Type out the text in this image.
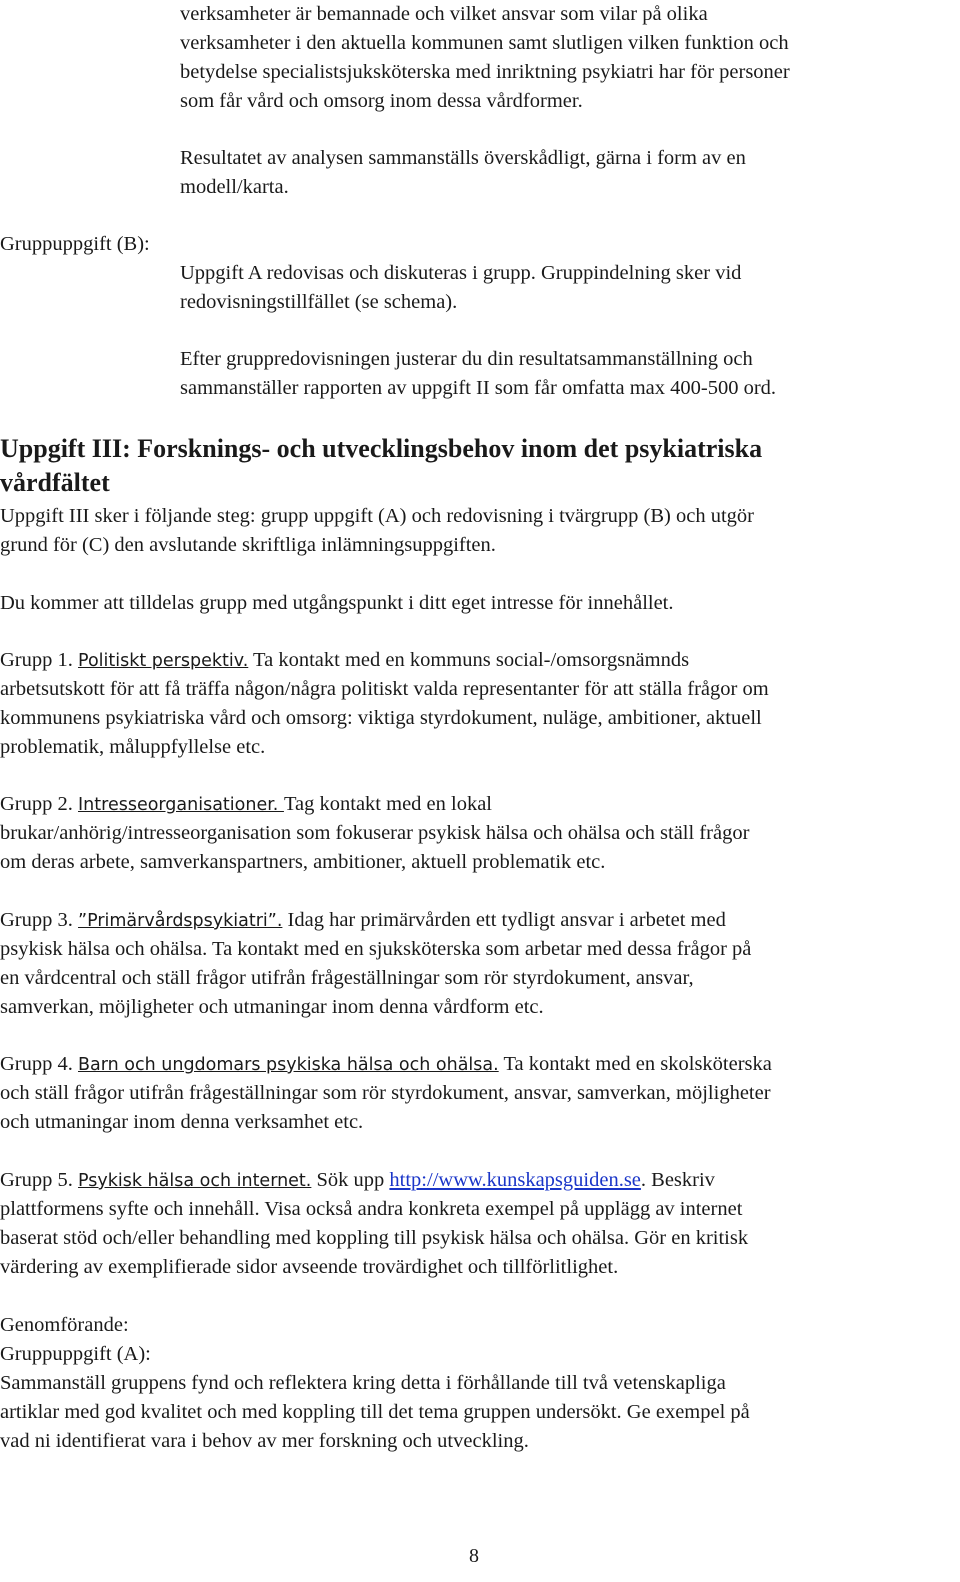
verksamheter är bemannade och vilket ansvar som vilar på olika
verksamheter i den aktuella kommunen samt slutligen vilken funktion och
betydelse specialistsjuksköterska med inriktning psykiatri har för personer
som får vård och omsorg inom dessa vårdformer.
Resultatet av analysen sammanställs överskådligt, gärna i form av en
modell/karta.
Gruppuppgift (B):
Uppgift A redovisas och diskuteras i grupp. Gruppindelning sker vid
redovisningstillfället (se schema).
Efter gruppredovisningen justerar du din resultatsammanställning och
sammanställer rapporten av uppgift II som får omfatta max 400-500 ord.
Uppgift III: Forsknings- och utvecklingsbehov inom det psykiatriska
vårdfältet
Uppgift III sker i följande steg: grupp uppgift (A) och redovisning i tvärgrupp (B) och utgör
grund för (C) den avslutande skriftliga inlämningsuppgiften.
Du kommer att tilldelas grupp med utgångspunkt i ditt eget intresse för innehållet.
Grupp 1. Politiskt perspektiv. Ta kontakt med en kommuns social-/omsorgsnämnds
arbetsutskott för att få träffa någon/några politiskt valda representanter för att ställa frågor om
kommunens psykiatriska vård och omsorg: viktiga styrdokument, nuläge, ambitioner, aktuell
problematik, måluppfyllelse etc.
Grupp 2. Intresseorganisationer. Tag kontakt med en lokal
brukar/anhörig/intresseorganisation som fokuserar psykisk hälsa och ohälsa och ställ frågor
om deras arbete, samverkanspartners, ambitioner, aktuell problematik etc.
Grupp 3. ”Primärvårdspsykiatri”. Idag har primärvården ett tydligt ansvar i arbetet med
psykisk hälsa och ohälsa. Ta kontakt med en sjuksköterska som arbetar med dessa frågor på
en vårdcentral och ställ frågor utifrån frågeställningar som rör styrdokument, ansvar,
samverkan, möjligheter och utmaningar inom denna vårdform etc.
Grupp 4. Barn och ungdomars psykiska hälsa och ohälsa. Ta kontakt med en skolsköterska
och ställ frågor utifrån frågeställningar som rör styrdokument, ansvar, samverkan, möjligheter
och utmaningar inom denna verksamhet etc.
Grupp 5. Psykisk hälsa och internet. Sök upp http://www.kunskapsguiden.se. Beskriv
plattformens syfte och innehåll. Visa också andra konkreta exempel på upplägg av internet
baserat stöd och/eller behandling med koppling till psykisk hälsa och ohälsa. Gör en kritisk
värdering av exemplifierade sidor avseende trovärdighet och tillförlitlighet.
Genomförande:
Gruppuppgift (A):
Sammanställ gruppens fynd och reflektera kring detta i förhållande till två vetenskapliga
artiklar med god kvalitet och med koppling till det tema gruppen undersökt. Ge exempel på
vad ni identifierat vara i behov av mer forskning och utveckling.
8
